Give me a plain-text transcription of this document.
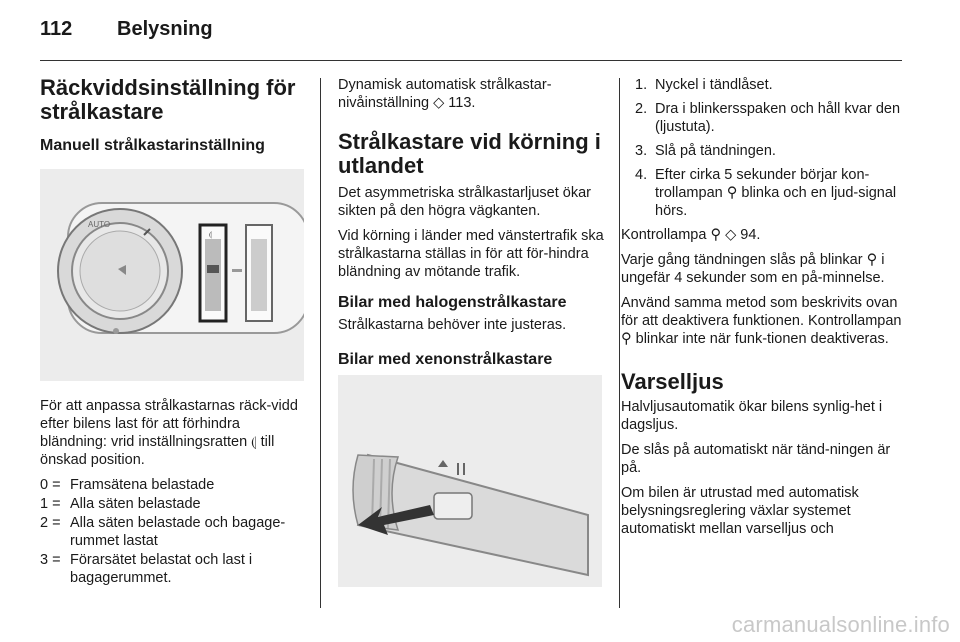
112 Belysning
Räckviddsinställning för strålkastare
Manuell strålkastarinställning
AUTO
⦇

För att anpassa strålkastarnas räck-vidd efter bilens last för att förhindra bländning: vrid inställningsratten ⦇ till önskad position.

0 = Framsätena belastade
1 = Alla säten belastade
2 = Alla säten belastade och bagage-rummet lastat
3 = Förarsätet belastat och last i bagagerummet.

Dynamisk automatisk strålkastar-nivåinställning ◇ 113.

Strålkastare vid körning i utlandet

Det asymmetriska strålkastarljuset ökar sikten på den högra vägkanten.

Vid körning i länder med vänstertrafik ska strålkastarna ställas in för att för-hindra bländning av mötande trafik.

Bilar med halogenstrålkastare

Strålkastarna behöver inte justeras.

Bilar med xenonstrålkastare
1. Nyckel i tändlåset.
2. Dra i blinkersspaken och håll kvar den (ljustuta).
3. Slå på tändningen.
4. Efter cirka 5 sekunder börjar kon-trollampan ⚲ blinka och en ljud-signal hörs.

Kontrollampa ⚲ ◇ 94.

Varje gång tändningen slås på blinkar ⚲ i ungefär 4 sekunder som en på-minnelse.

Använd samma metod som beskrivits ovan för att deaktivera funktionen. Kontrollampan ⚲ blinkar inte när funk-tionen deaktiveras.

Varselljus

Halvljusautomatik ökar bilens synlig-het i dagsljus.

De slås på automatiskt när tänd-ningen är på.

Om bilen är utrustad med automatisk belysningsreglering växlar systemet automatiskt mellan varselljus och

carmanualsonline.info
